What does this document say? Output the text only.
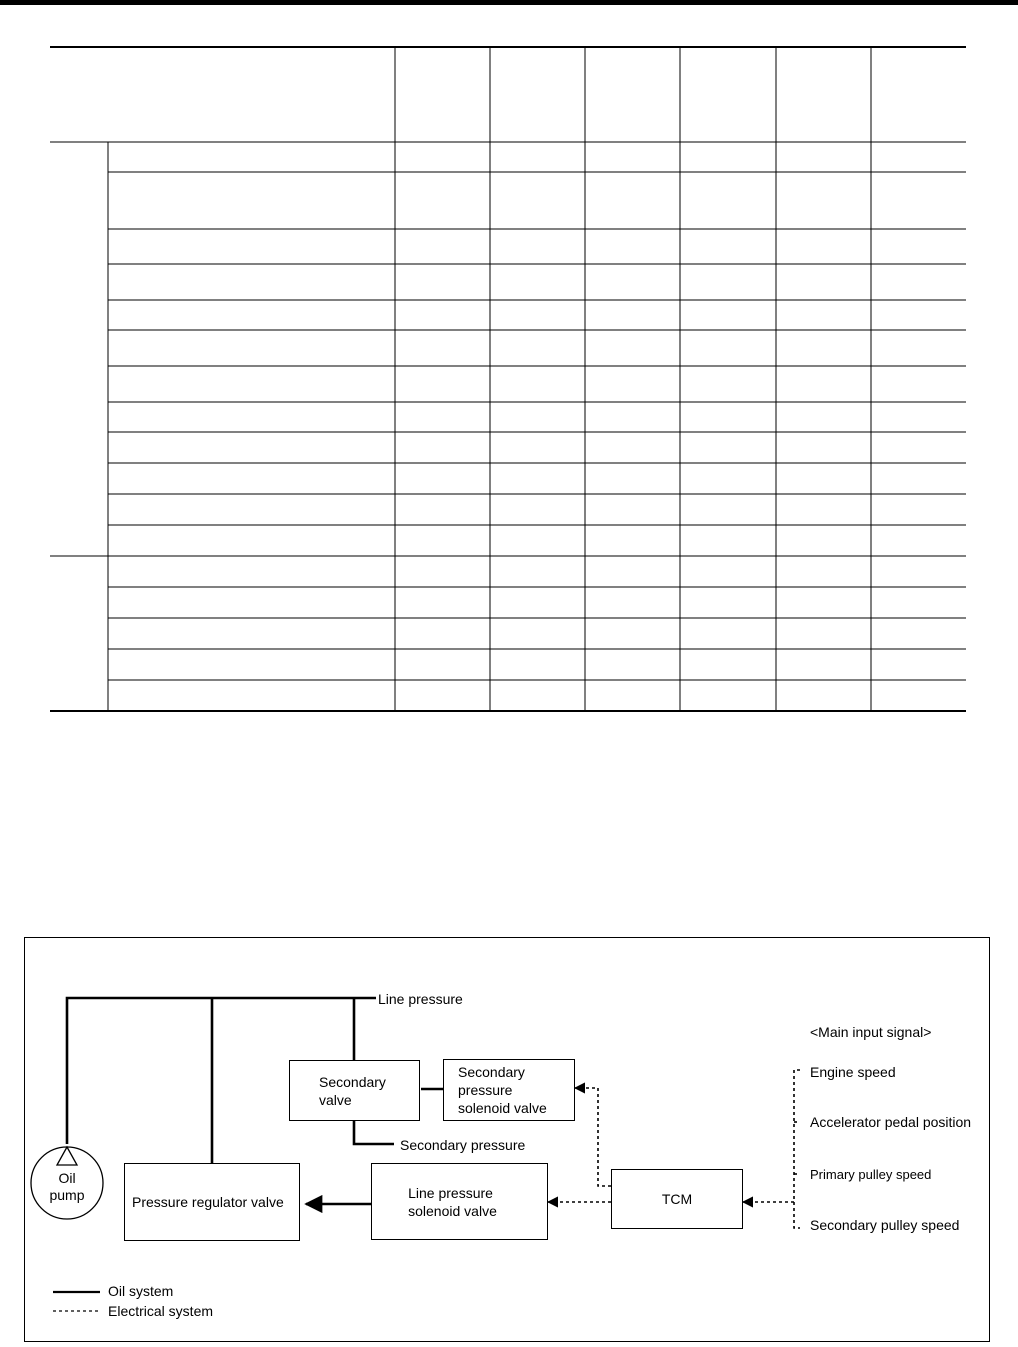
Line pressure
<Main input signal>
Secondary
valve
Secondary
pressure
solenoid valve
Secondary pressure
Engine speed
Accelerator pedal position
Primary pulley speed
Secondary pulley speed
Oil
pump	Pressure regulator valve
Line pressure
solenoid valve
TCM
Oil system
Electrical system
